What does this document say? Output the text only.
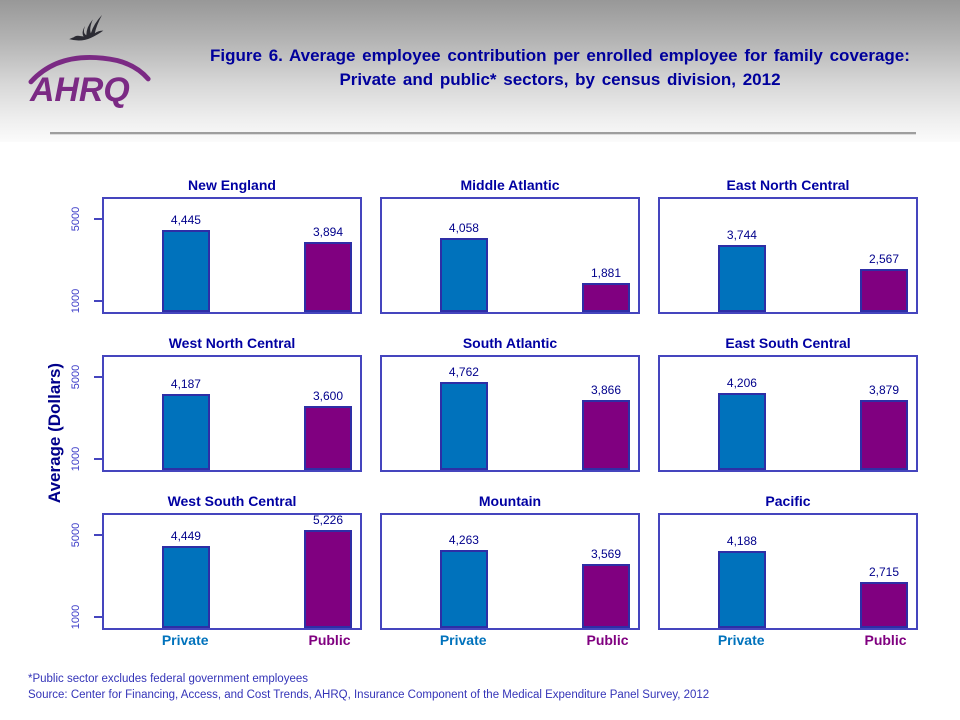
AHRQ
Figure 6. Average employee contribution per enrolled employee for family coverage: Private and public* sectors, by census division, 2012
Average (Dollars)
New England
1000
5000	4,445
3,894
Middle Atlantic
4,058
1,881
East North Central
3,744
2,567
West North Central
1000
5000	4,187
3,600
South Atlantic
4,762
3,866
East South Central
4,206	3,879
West South Central
1000
5000	4,449
5,226
Private	Public
Mountain
4,263
3,569
Private	Public
Pacific
4,188
2,715
Private	Public
*Public sector excludes federal government employees
Source: Center for Financing, Access, and Cost Trends, AHRQ, Insurance Component of the Medical Expenditure Panel Survey, 2012
